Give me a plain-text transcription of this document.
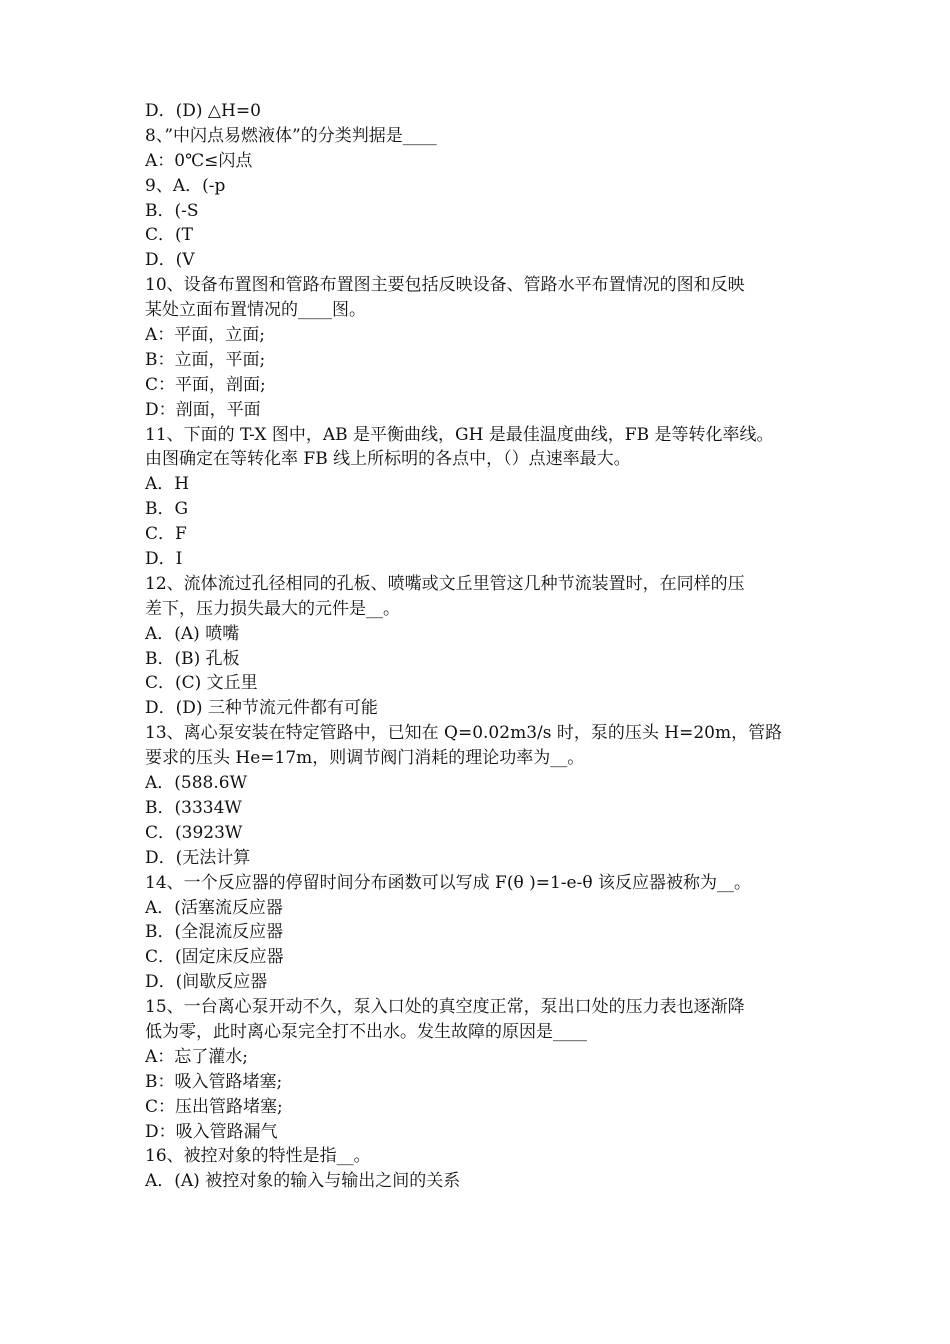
D．(D) △H=0
8、”中闪点易燃液体”的分类判据是____
A：0℃≤闪点
9、A．(-p
B．(-S
C．(T
D．(V
10、设备布置图和管路布置图主要包括反映设备、管路水平布置情况的图和反映
某处立面布置情况的____图。
A：平面，立面;
B：立面，平面;
C：平面，剖面;
D：剖面，平面
11、下面的 T-X 图中，AB 是平衡曲线，GH 是最佳温度曲线，FB 是等转化率线。
由图确定在等转化率 FB 线上所标明的各点中，（）点速率最大。
A．H
B．G
C．F
D．I
12、流体流过孔径相同的孔板、喷嘴或文丘里管这几种节流装置时，在同样的压
差下，压力损失最大的元件是__。
A．(A) 喷嘴
B．(B) 孔板
C．(C) 文丘里
D．(D) 三种节流元件都有可能
13、离心泵安装在特定管路中，已知在 Q=0.02m3/s 时，泵的压头 H=20m，管路
要求的压头 He=17m，则调节阀门消耗的理论功率为__。
A．(588.6W
B．(3334W
C．(3923W
D．(无法计算
14、一个反应器的停留时间分布函数可以写成 F(θ )=1-e-θ 该反应器被称为__。
A．(活塞流反应器
B．(全混流反应器
C．(固定床反应器
D．(间歇反应器
15、一台离心泵开动不久，泵入口处的真空度正常，泵出口处的压力表也逐渐降
低为零，此时离心泵完全打不出水。发生故障的原因是____
A：忘了灌水;
B：吸入管路堵塞;
C：压出管路堵塞;
D：吸入管路漏气
16、被控对象的特性是指__。
A．(A) 被控对象的输入与输出之间的关系
